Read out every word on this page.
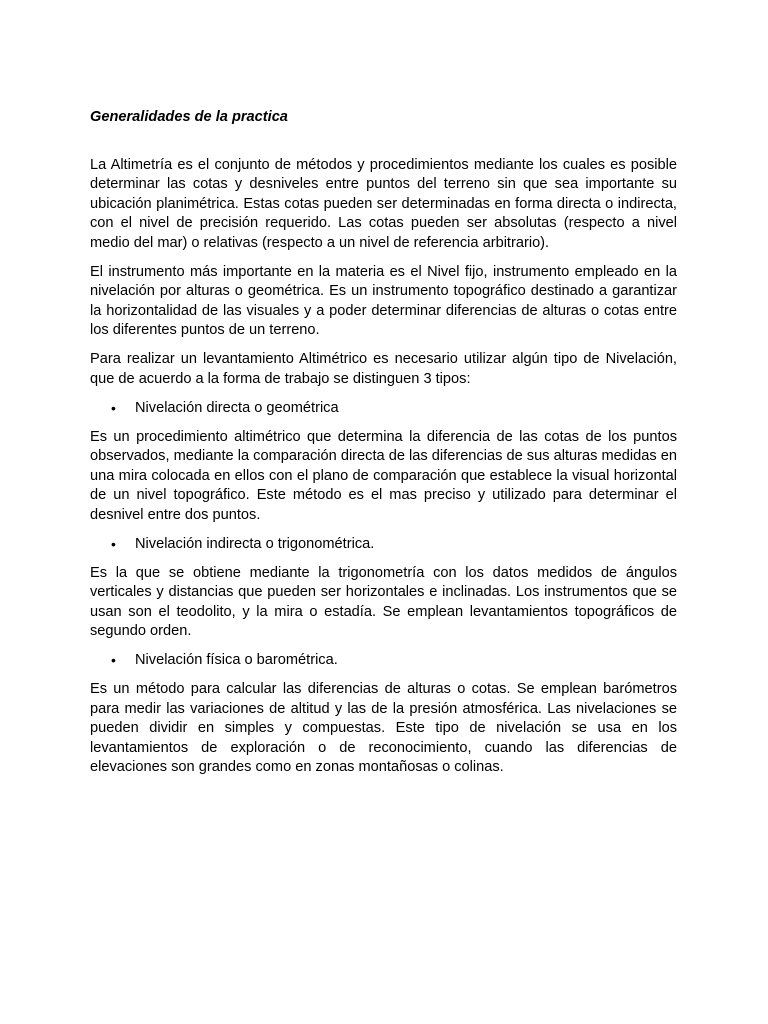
Generalidades de la practica

La Altimetría es el conjunto de métodos y procedimientos mediante los cuales es posible determinar las cotas y desniveles entre puntos del terreno sin que sea importante su ubicación planimétrica. Estas cotas pueden ser determinadas en forma directa o indirecta, con el nivel de precisión requerido. Las cotas pueden ser absolutas (respecto a nivel medio del mar) o relativas (respecto a un nivel de referencia arbitrario).

El instrumento más importante en la materia es el Nivel fijo, instrumento empleado en la nivelación por alturas o geométrica. Es un instrumento topográfico destinado a garantizar la horizontalidad de las visuales y a poder determinar diferencias de alturas o cotas entre los diferentes puntos de un terreno.

Para realizar un levantamiento Altimétrico es necesario utilizar algún tipo de Nivelación, que de acuerdo a la forma de trabajo se distinguen 3 tipos:

•	Nivelación directa o geométrica

Es un procedimiento altimétrico que determina la diferencia de las cotas de los puntos observados, mediante la comparación directa de las diferencias de sus alturas medidas en una mira colocada en ellos con el plano de comparación que establece la visual horizontal de un nivel topográfico. Este método es el mas preciso y utilizado para determinar el desnivel entre dos puntos.

•	Nivelación indirecta o trigonométrica.

Es la que se obtiene mediante la trigonometría con los datos medidos de ángulos verticales y distancias que pueden ser horizontales e inclinadas. Los instrumentos que se usan son el teodolito, y la mira o estadía. Se emplean levantamientos topográficos de segundo orden.

•	Nivelación física o barométrica.

Es un método para calcular las diferencias de alturas o cotas. Se emplean barómetros para medir las variaciones de altitud y las de la presión atmosférica. Las nivelaciones se pueden dividir en simples y compuestas. Este tipo de nivelación se usa en los levantamientos de exploración o de reconocimiento, cuando las diferencias de elevaciones son grandes como en zonas montañosas o colinas.
